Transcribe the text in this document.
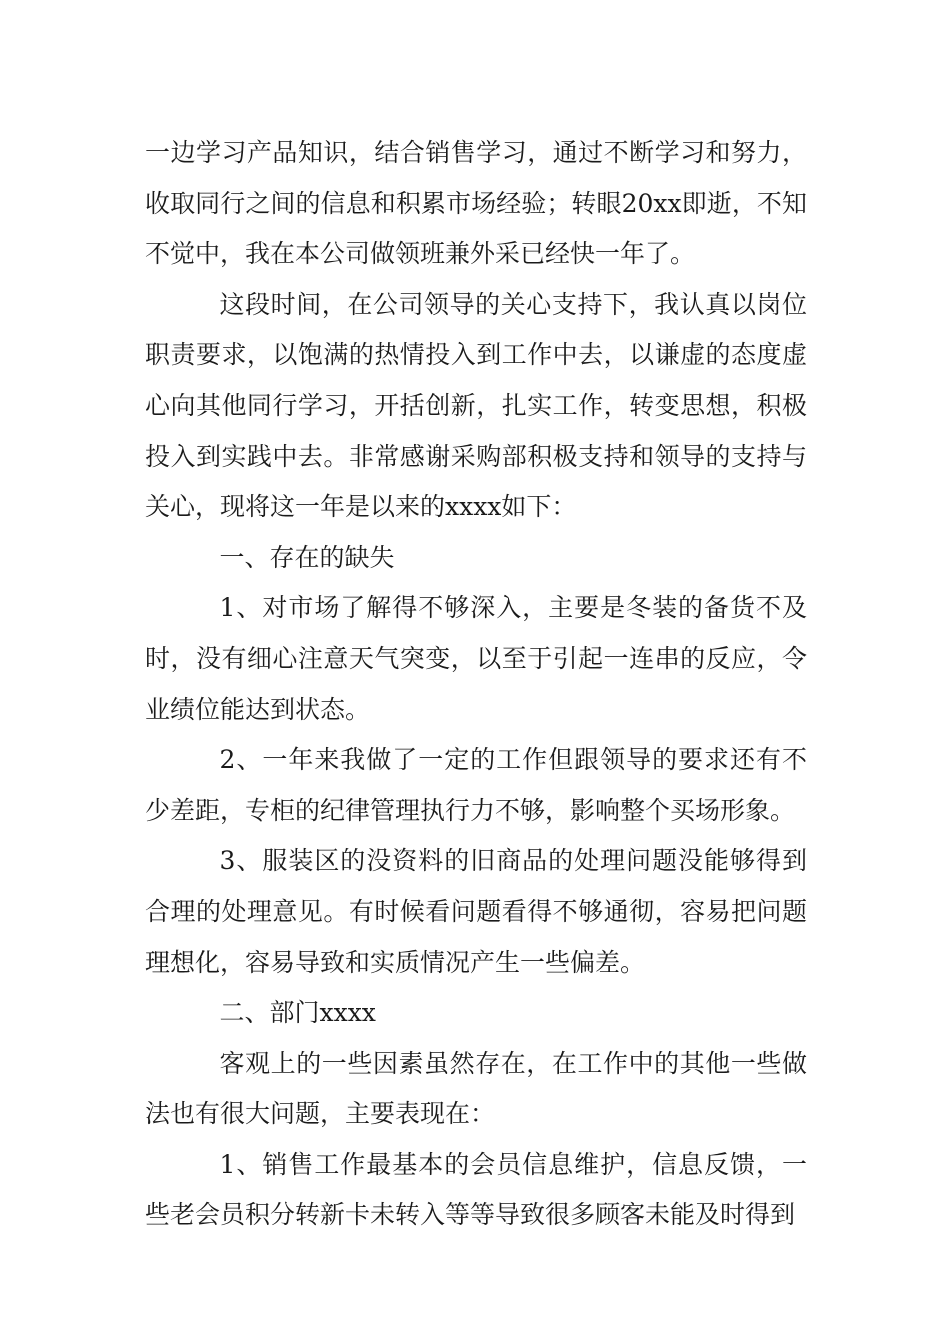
一边学习产品知识，结合销售学习，通过不断学习和努力，收取同行之间的信息和积累市场经验；转眼20xx即逝，不知不觉中，我在本公司做领班兼外采已经快一年了。

这段时间，在公司领导的关心支持下，我认真以岗位职责要求，以饱满的热情投入到工作中去，以谦虚的态度虚心向其他同行学习，开括创新，扎实工作，转变思想，积极投入到实践中去。非常感谢采购部积极支持和领导的支持与关心，现将这一年是以来的xxxx如下：

一、存在的缺失

1、对市场了解得不够深入，主要是冬装的备货不及时，没有细心注意天气突变，以至于引起一连串的反应，令业绩位能达到状态。

2、一年来我做了一定的工作但跟领导的要求还有不少差距，专柜的纪律管理执行力不够，影响整个买场形象。

3、服装区的没资料的旧商品的处理问题没能够得到合理的处理意见。有时候看问题看得不够通彻，容易把问题理想化，容易导致和实质情况产生一些偏差。

二、部门xxxx

客观上的一些因素虽然存在，在工作中的其他一些做法也有很大问题，主要表现在：

1、销售工作最基本的会员信息维护，信息反馈，一些老会员积分转新卡未转入等等导致很多顾客未能及时得到
